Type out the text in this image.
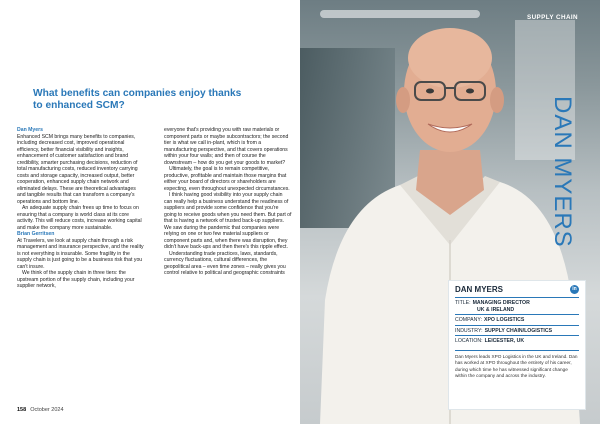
What benefits can companies enjoy thanks to enhanced SCM?

Dan Myers
Enhanced SCM brings many benefits to companies, including decreased cost, improved operational efficiency, better financial visibility and insights, enhancement of customer satisfaction and brand credibility, smarter purchasing decisions, reduction of total manufacturing costs, reduced inventory carrying costs and storage capacity, increased output, better cooperation, enhanced supply chain network and eliminated delays. These are theoretical advantages and tangible results that can transform a company's operations and bottom line.

An adequate supply chain frees up time to focus on ensuring that a company is world class at its core activity. This will reduce costs, increase working capital and make the company more sustainable.

Brian Gerritsen
At Travelers, we look at supply chain through a risk management and insurance perspective, and the reality is not everything is insurable. Some fragility in the supply chain is just going to be a business risk that you can't insure.

We think of the supply chain in three tiers: the upstream portion of the supply chain, including your supplier network,

everyone that's providing you with raw materials or component parts or maybe subcontractors; the second tier is what we call in-plant, which is from a manufacturing perspective, and that covers operations within your four walls; and then of course the downstream – how do you get your goods to market?

Ultimately, the goal is to remain competitive, productive, profitable and maintain those margins that either your board of directors or shareholders are expecting, even throughout unexpected circumstances.

I think having good visibility into your supply chain can really help a business understand the readiness of suppliers and provide some confidence that you're going to receive goods when you need them. But part of that is having a network of trusted back-up suppliers. We saw during the pandemic that companies were relying on one or two few material suppliers or component parts and, when there was disruption, they didn't have back-ups and then there's this ripple effect.

Understanding trade practices, laws, standards, currency fluctuations, cultural differences, the geopolitical area – even time zones – really gives you control relative to political and geographic constraints

158 October 2024
SUPPLY CHAIN
DAN MYERS
DAN MYERS	in
TITLE: MANAGING DIRECTOR
UK & IRELAND
COMPANY: XPO LOGISTICS
INDUSTRY: SUPPLY CHAIN/LOGISTICS
LOCATION: LEICESTER, UK
Dan Myers leads XPO Logistics in the UK and Ireland. Dan has worked at XPO throughout the entirety of his career, during which time he has witnessed significant change within the company and across the industry.
